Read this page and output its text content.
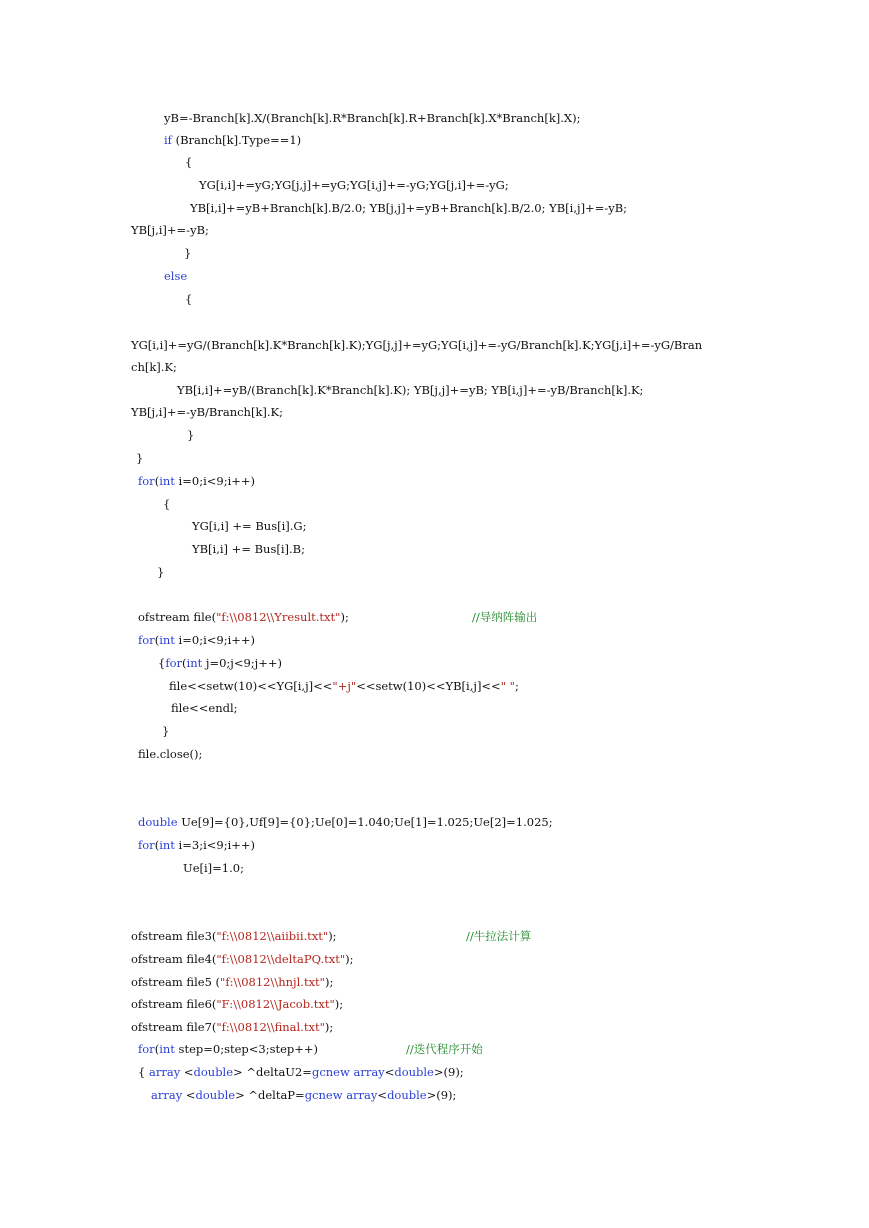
yB=-Branch[k].X/(Branch[k].R*Branch[k].R+Branch[k].X*Branch[k].X);
if (Branch[k].Type==1)
{
YG[i,i]+=yG;YG[j,j]+=yG;YG[i,j]+=-yG;YG[j,i]+=-yG;
YB[i,i]+=yB+Branch[k].B/2.0; YB[j,j]+=yB+Branch[k].B/2.0; YB[i,j]+=-yB;
YB[j,i]+=-yB;
}
else
{
YG[i,i]+=yG/(Branch[k].K*Branch[k].K);YG[j,j]+=yG;YG[i,j]+=-yG/Branch[k].K;YG[j,i]+=-yG/Bran
ch[k].K;
YB[i,i]+=yB/(Branch[k].K*Branch[k].K); YB[j,j]+=yB; YB[i,j]+=-yB/Branch[k].K;
YB[j,i]+=-yB/Branch[k].K;
}
}
for(int i=0;i<9;i++)
{
YG[i,i] += Bus[i].G;
YB[i,i] += Bus[i].B;
}
ofstream file("f:\\0812\\Yresult.txt");	//导纳阵输出
for(int i=0;i<9;i++)
{for(int j=0;j<9;j++)
file<<setw(10)<<YG[i,j]<<"+j"<<setw(10)<<YB[i,j]<<" ";
file<<endl;
}
file.close();
double Ue[9]={0},Uf[9]={0};Ue[0]=1.040;Ue[1]=1.025;Ue[2]=1.025;
for(int i=3;i<9;i++)
Ue[i]=1.0;
ofstream file3("f:\\0812\\aiibii.txt");	//牛拉法计算
ofstream file4("f:\\0812\\deltaPQ.txt");
ofstream file5 ("f:\\0812\\hnjl.txt");
ofstream file6("F:\\0812\\Jacob.txt");
ofstream file7("f:\\0812\\final.txt");
for(int step=0;step<3;step++)	//迭代程序开始
{ array <double> ^deltaU2=gcnew array<double>(9);
array <double> ^deltaP=gcnew array<double>(9);
